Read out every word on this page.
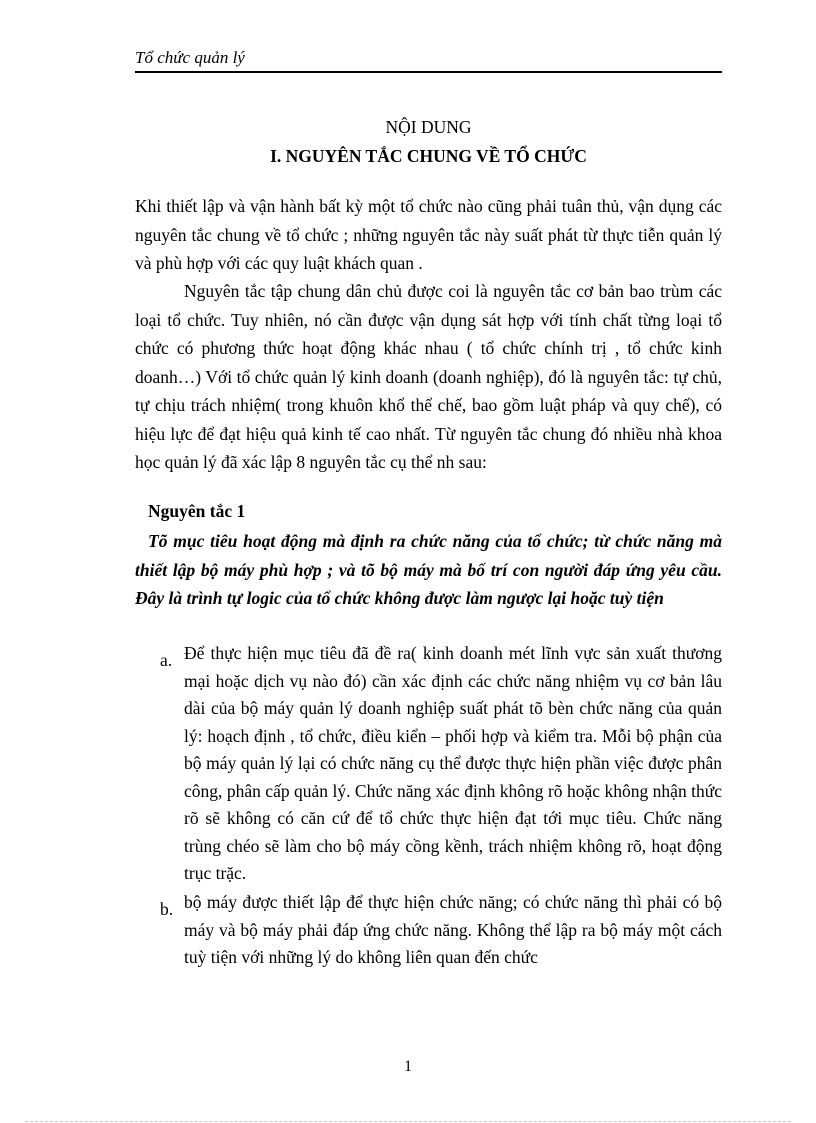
Tổ chức quản lý
NỘI DUNG
I. NGUYÊN TẮC CHUNG VỀ TỔ CHỨC
Khi thiết lập và vận hành bất kỳ một tổ chức nào cũng phải tuân thủ, vận dụng các nguyên tắc chung về tổ chức ; những nguyên tắc này suất phát từ thực tiễn quản lý và phù hợp với các quy luật khách quan .
Nguyên tắc tập chung dân chủ được coi là nguyên tắc cơ bản bao trùm các loại tổ chức. Tuy nhiên, nó cần được vận dụng sát hợp với tính chất từng loại tổ chức có phương thức hoạt động khác nhau ( tổ chức chính trị , tổ chức kinh doanh…) Với tổ chức quản lý kinh doanh (doanh nghiệp), đó là nguyên tắc: tự chủ, tự chịu trách nhiệm( trong khuôn khổ thể chế, bao gồm luật pháp và quy chế), có hiệu lực để đạt hiệu quả kinh tế cao nhất. Từ nguyên tắc chung đó nhiều nhà khoa học quản lý đã xác lập 8 nguyên tắc cụ thể nh sau:
Nguyên tắc 1
Tõ mục tiêu hoạt động mà định ra chức năng của tổ chức; từ chức năng mà thiết lập bộ máy phù hợp ; và tõ bộ máy mà bố trí con người đáp ứng yêu cầu. Đây là trình tự logic của tổ chức không được làm ngược lại hoặc tuỳ tiện
a. Để thực hiện mục tiêu đã đề ra( kinh doanh mét lĩnh vực sản xuất thương mại hoặc dịch vụ nào đó) cần xác định các chức năng nhiệm vụ cơ bản lâu dài của bộ máy quản lý doanh nghiệp suất phát tõ bèn chức năng của quản lý: hoạch định , tổ chức, điều kiển – phối hợp và kiểm tra. Mỗi bộ phận của bộ máy quản lý lại có chức năng cụ thể được thực hiện phần việc được phân công, phân cấp quản lý. Chức năng xác định không rõ hoặc không nhận thức rõ sẽ không có căn cứ để tổ chức thực hiện đạt tới mục tiêu. Chức năng trùng chéo sẽ làm cho bộ máy cồng kềnh, trách nhiệm không rõ, hoạt động trục trặc.
b. bộ máy được thiết lập để thực hiện chức năng; có chức năng thì phải có bộ máy và bộ máy phải đáp ứng chức năng. Không thể lập ra bộ máy một cách tuỳ tiện với những lý do không liên quan đến chức
1
